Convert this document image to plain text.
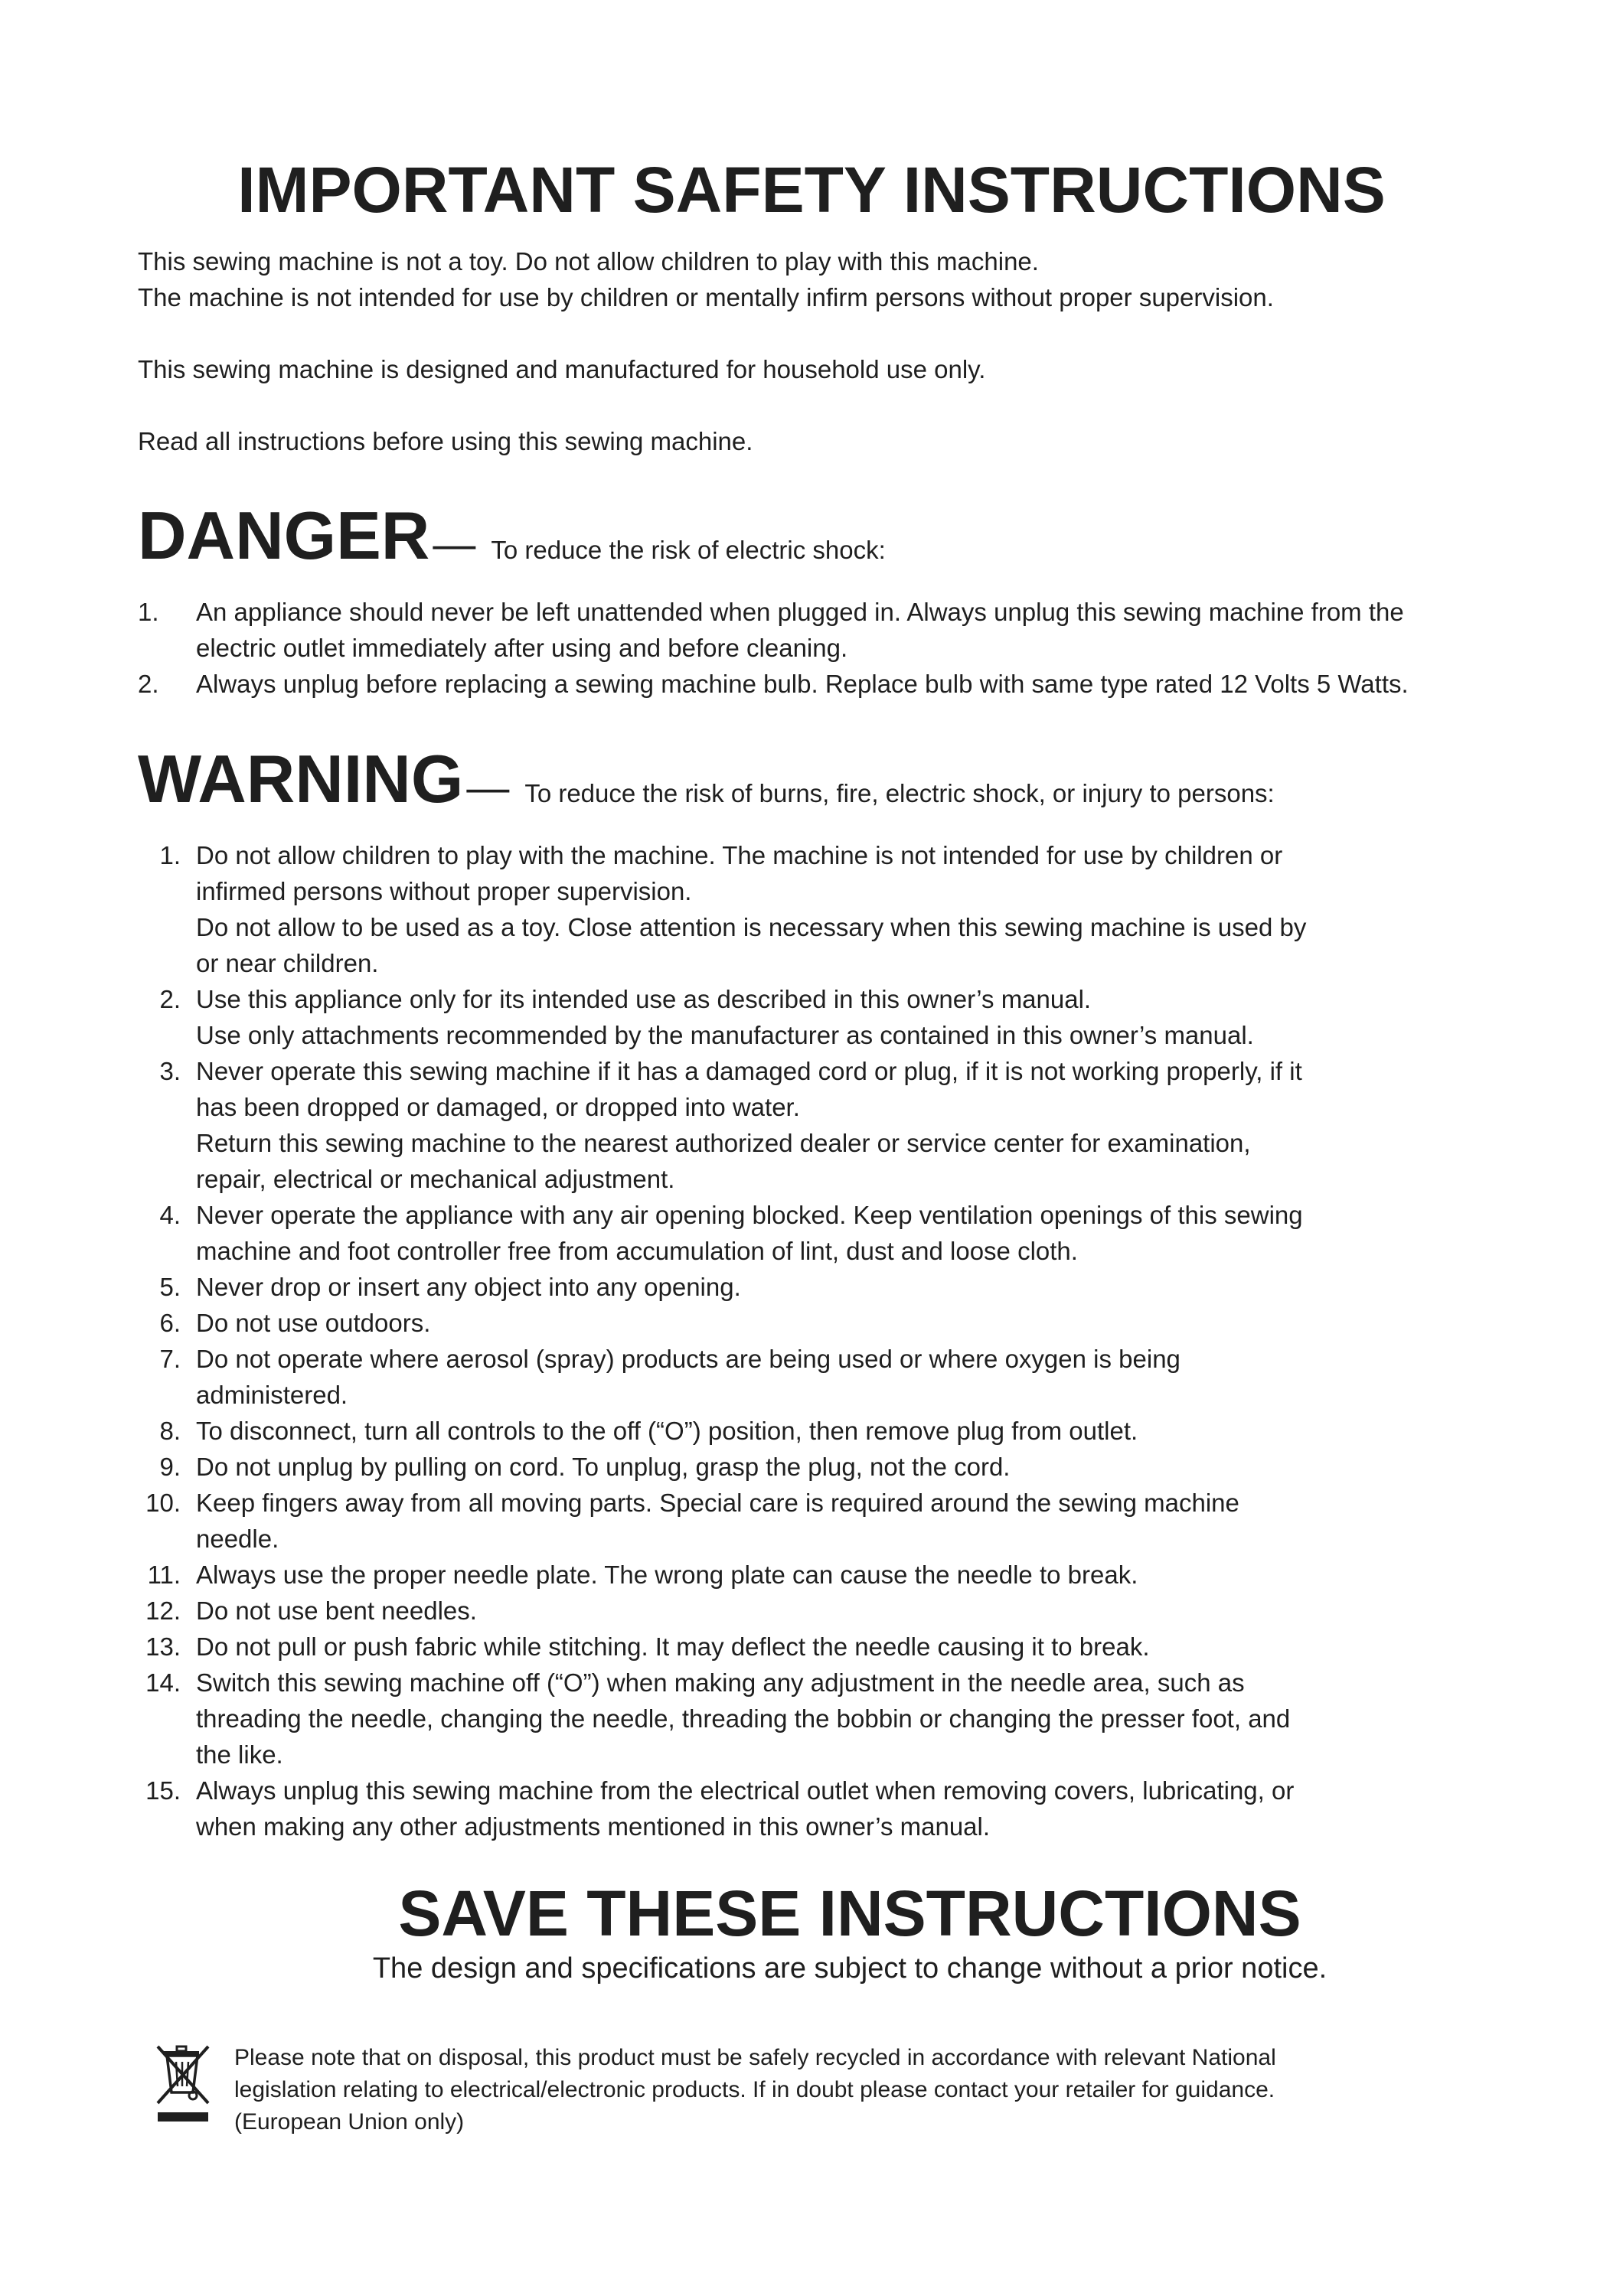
IMPORTANT SAFETY INSTRUCTIONS

This sewing machine is not a toy. Do not allow children to play with this machine.

The machine is not intended for use by children or mentally infirm persons without proper supervision.

This sewing machine is designed and manufactured for household use only.

Read all instructions before using this sewing machine.

DANGER— To reduce the risk of electric shock:
1.	An appliance should never be left unattended when plugged in. Always unplug this sewing machine from the
electric outlet immediately after using and before cleaning.
2.	Always unplug before replacing a sewing machine bulb. Replace bulb with same type rated 12 Volts 5 Watts.
WARNING— To reduce the risk of burns, fire, electric shock, or injury to persons:
1. Do not allow children to play with the machine. The machine is not intended for use by children or
infirmed persons without proper supervision.
Do not allow to be used as a toy. Close attention is necessary when this sewing machine is used by
or near children.
2. Use this appliance only for its intended use as described in this owner’s manual.
Use only attachments recommended by the manufacturer as contained in this owner’s manual.
3. Never operate this sewing machine if it has a damaged cord or plug, if it is not working properly, if it
has been dropped or damaged, or dropped into water.
Return this sewing machine to the nearest authorized dealer or service center for examination,
repair, electrical or mechanical adjustment.
4. Never operate the appliance with any air opening blocked. Keep ventilation openings of this sewing
machine and foot controller free from accumulation of lint, dust and loose cloth.
5. Never drop or insert any object into any opening.
6. Do not use outdoors.
7. Do not operate where aerosol (spray) products are being used or where oxygen is being
administered.
8. To disconnect, turn all controls to the off (“O”) position, then remove plug from outlet.
9. Do not unplug by pulling on cord. To unplug, grasp the plug, not the cord.
10. Keep fingers away from all moving parts. Special care is required around the sewing machine
needle.
11. Always use the proper needle plate. The wrong plate can cause the needle to break.
12. Do not use bent needles.
13. Do not pull or push fabric while stitching. It may deflect the needle causing it to break.
14. Switch this sewing machine off (“O”) when making any adjustment in the needle area, such as
threading the needle, changing the needle, threading the bobbin or changing the presser foot, and
the like.
15. Always unplug this sewing machine from the electrical outlet when removing covers, lubricating, or
when making any other adjustments mentioned in this owner’s manual.
SAVE THESE INSTRUCTIONS
The design and specifications are subject to change without a prior notice.
Please note that on disposal, this product must be safely recycled in accordance with relevant National
legislation relating to electrical/electronic products. If in doubt please contact your retailer for guidance.
(European Union only)
